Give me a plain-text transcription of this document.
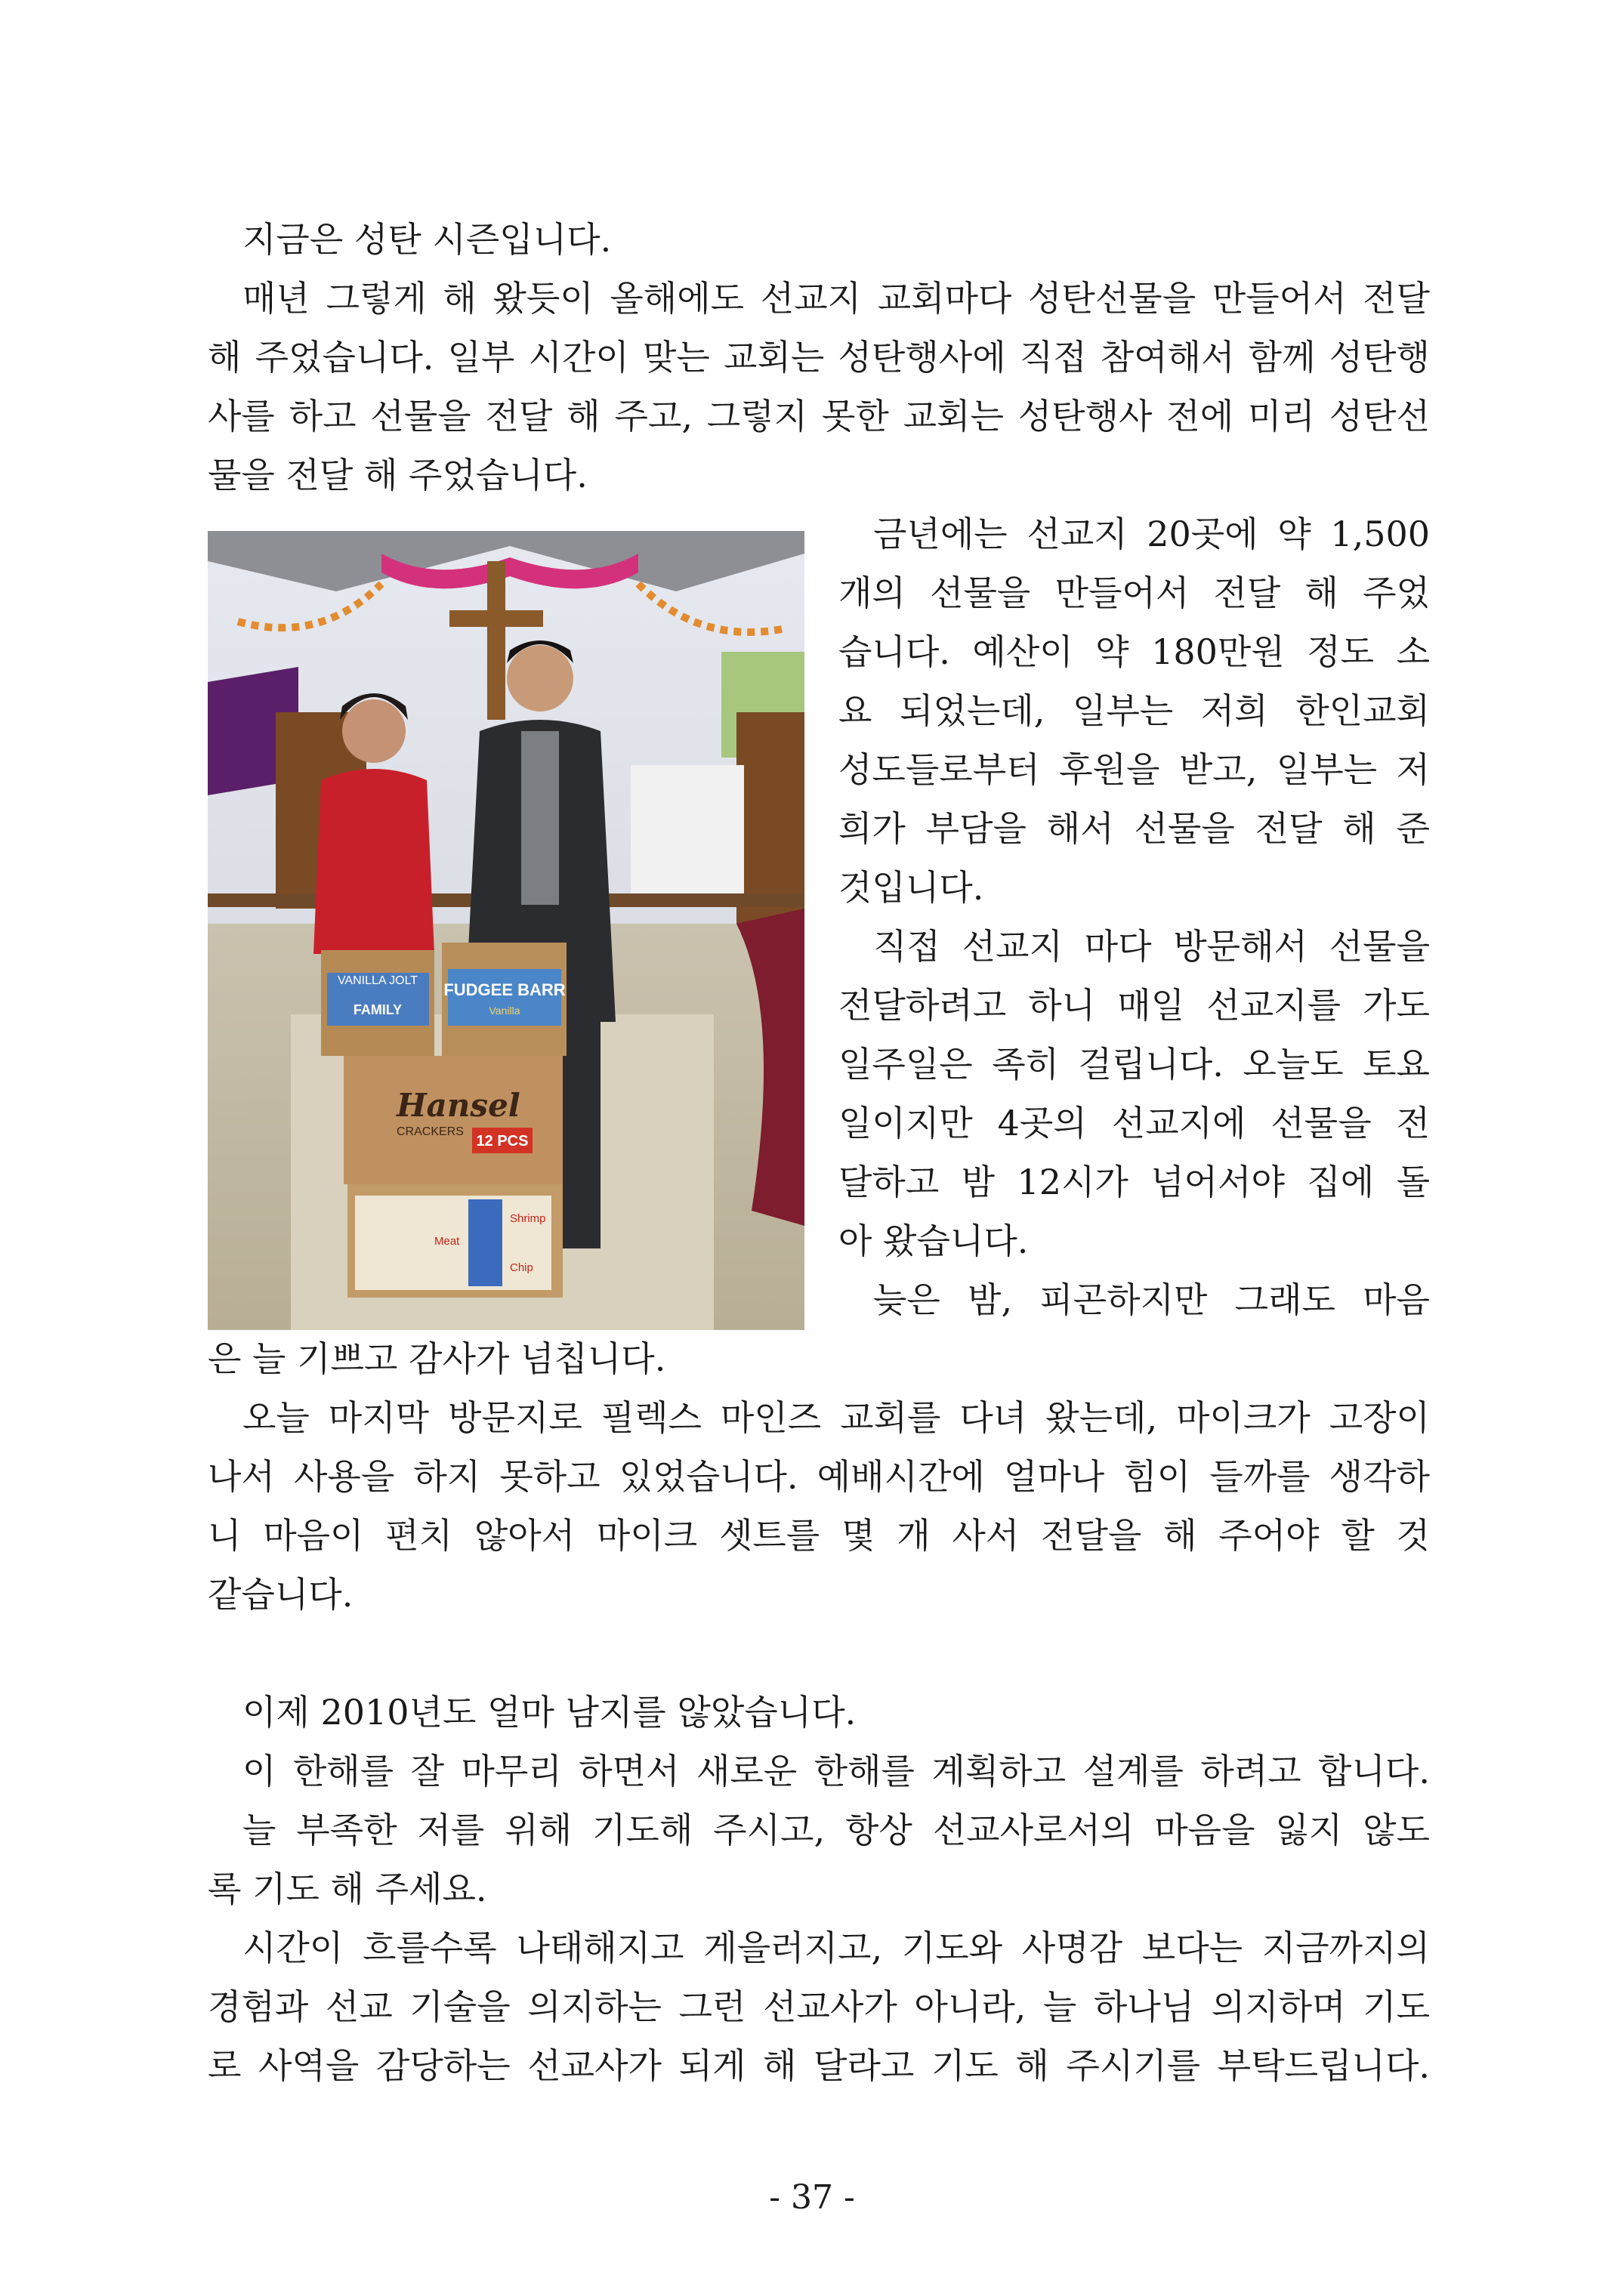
지금은 성탄 시즌입니다.
매년 그렇게 해 왔듯이 올해에도 선교지 교회마다 성탄선물을 만들어서 전달
해 주었습니다. 일부 시간이 맞는 교회는 성탄행사에 직접 참여해서 함께 성탄행
사를 하고 선물을 전달 해 주고, 그렇지 못한 교회는 성탄행사 전에 미리 성탄선
물을 전달 해 주었습니다.
VANILLA JOLT
FAMILY
FUDGEE BARR
Vanilla
Hansel
CRACKERS
12 PCS
Shrimp
Meat
Chip
금년에는 선교지 20곳에 약 1,500
개의 선물을 만들어서 전달 해 주었
습니다. 예산이 약 180만원 정도 소
요 되었는데, 일부는 저희 한인교회
성도들로부터 후원을 받고, 일부는 저
희가 부담을 해서 선물을 전달 해 준
것입니다.
직접 선교지 마다 방문해서 선물을
전달하려고 하니 매일 선교지를 가도
일주일은 족히 걸립니다. 오늘도 토요
일이지만 4곳의 선교지에 선물을 전
달하고 밤 12시가 넘어서야 집에 돌
아 왔습니다.
늦은 밤, 피곤하지만 그래도 마음
은 늘 기쁘고 감사가 넘칩니다.
오늘 마지막 방문지로 필렉스 마인즈 교회를 다녀 왔는데, 마이크가 고장이
나서 사용을 하지 못하고 있었습니다. 예배시간에 얼마나 힘이 들까를 생각하
니 마음이 편치 않아서 마이크 셋트를 몇 개 사서 전달을 해 주어야 할 것
같습니다.
이제 2010년도 얼마 남지를 않았습니다.
이 한해를 잘 마무리 하면서 새로운 한해를 계획하고 설계를 하려고 합니다.
늘 부족한 저를 위해 기도해 주시고, 항상 선교사로서의 마음을 잃지 않도
록 기도 해 주세요.
시간이 흐를수록 나태해지고 게을러지고, 기도와 사명감 보다는 지금까지의
경험과 선교 기술을 의지하는 그런 선교사가 아니라, 늘 하나님 의지하며 기도
로 사역을 감당하는 선교사가 되게 해 달라고 기도 해 주시기를 부탁드립니다.
- 37 -
